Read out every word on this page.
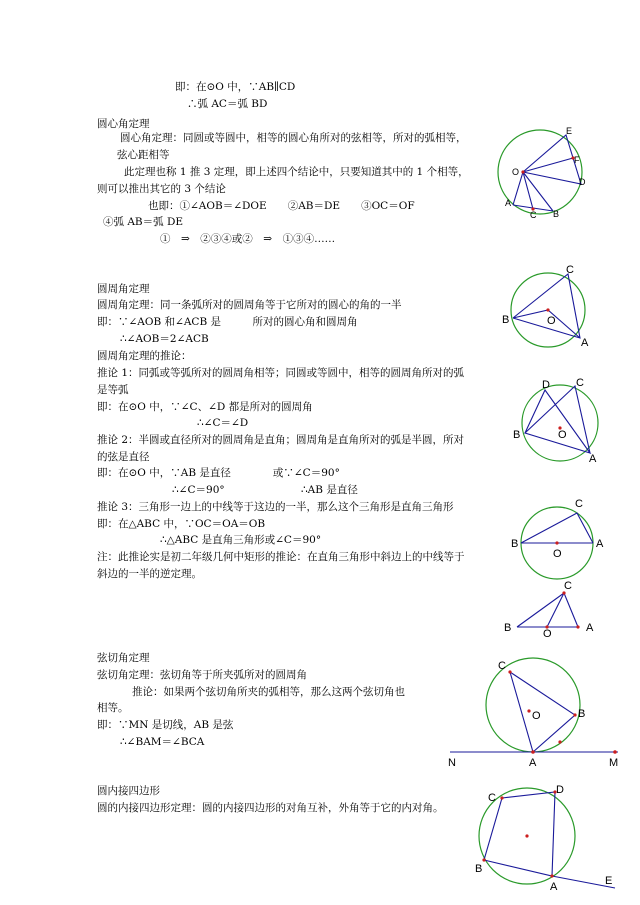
即：在⊙O 中，∵AB∥CD
∴弧 AC＝弧 BD
圆心角定理
圆心角定理：同圆或等圆中，相等的圆心角所对的弦相等，所对的弧相等，
弦心距相等
此定理也称 1 推 3 定理，即上述四个结论中，只要知道其中的 1 个相等，
则可以推出其它的 3 个结论
也即：①∠AOB＝∠DOE　　②AB＝DE　　③OC＝OF
④弧 AB＝弧 DE
①　⇒　②③④或②　⇒　①③④……
E
F
O
D
A
C B
圆周角定理
圆周角定理：同一条弧所对的圆周角等于它所对的圆心的角的一半
即：∵∠AOB 和∠ACB 是　　　所对的圆心角和圆周角
∴∠AOB＝2∠ACB
圆周角定理的推论：
推论 1：同弧或等弧所对的圆周角相等；同圆或等圆中，相等的圆周角所对的弧
是等弧
即：在⊙O 中，∵∠C、∠D 都是所对的圆周角
∴∠C＝∠D
推论 2：半圆或直径所对的圆周角是直角；圆周角是直角所对的弧是半圆，所对
的弦是直径
即：在⊙O 中，∵AB 是直径　　　　或∵∠C＝90°
∴∠C＝90°	∴AB 是直径
推论 3：三角形一边上的中线等于这边的一半，那么这个三角形是直角三角形
即：在△ABC 中，∵OC＝OA＝OB
∴△ABC 是直角三角形或∠C＝90°
注：此推论实是初二年级几何中矩形的推论：在直角三角形中斜边上的中线等于
斜边的一半的逆定理。
C
B	O
A
D C
B	O
A
C
B
O
A
C
B	O	A
弦切角定理
弦切角定理：弦切角等于所夹弧所对的圆周角
推论：如果两个弦切角所夹的弧相等，那么这两个弦切角也
相等。
即：∵MN 是切线，AB 是弦
∴∠BAM＝∠BCA
C
O	B
N	A	M
圆内接四边形
圆的内接四边形定理：圆的内接四边形的对角互补，外角等于它的内对角。
D
C
B
A	E
